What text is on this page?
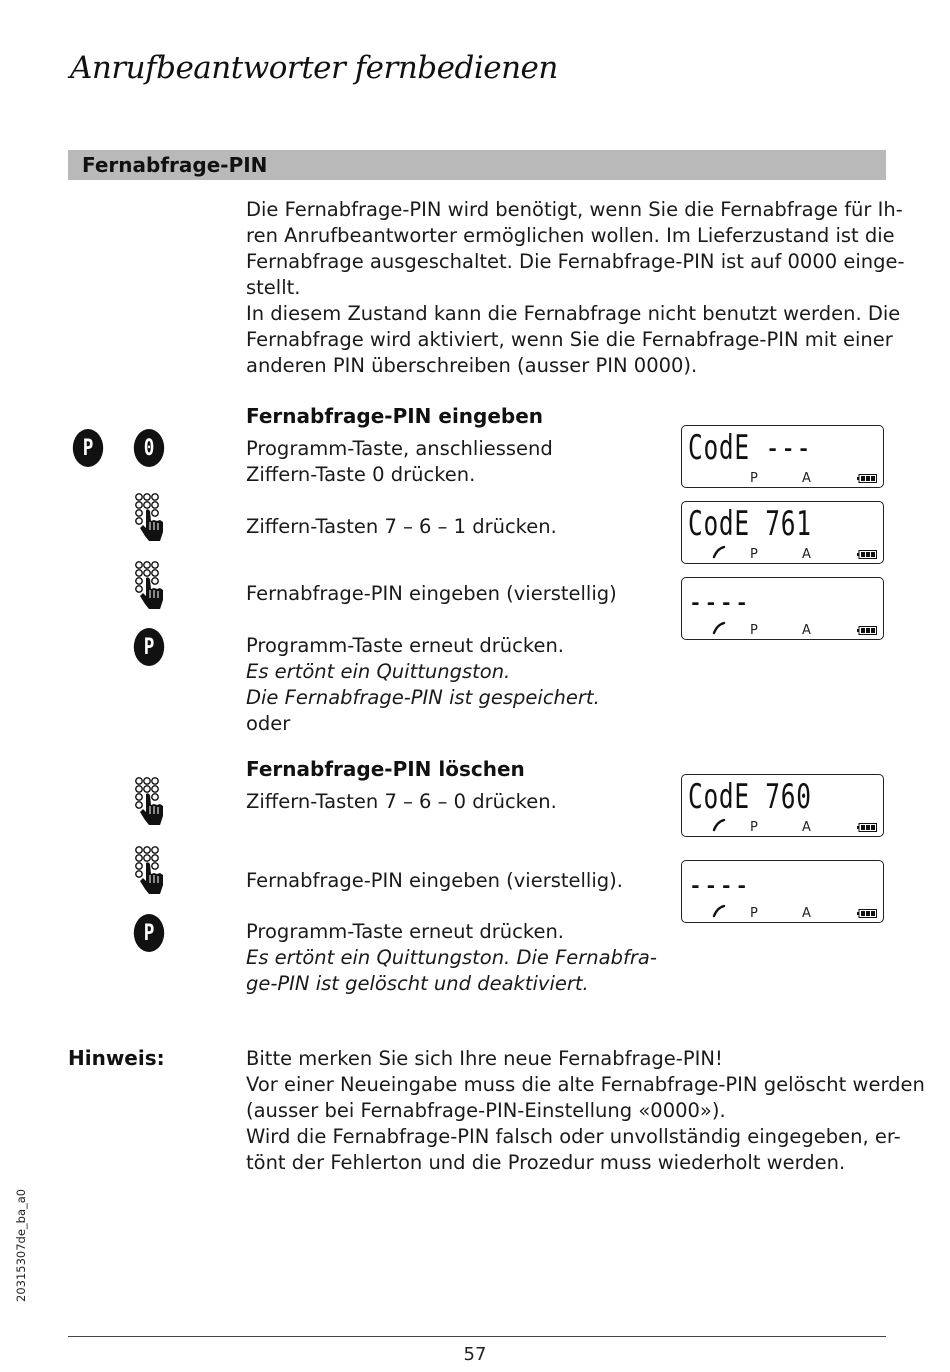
Anrufbeantworter fernbedienen
Fernabfrage-PIN
Die Fernabfrage-PIN wird benötigt, wenn Sie die Fernabfrage für Ih-
ren Anrufbeantworter ermöglichen wollen. Im Lieferzustand ist die
Fernabfrage ausgeschaltet. Die Fernabfrage-PIN ist auf 0000 einge-
stellt.
In diesem Zustand kann die Fernabfrage nicht benutzt werden. Die
Fernabfrage wird aktiviert, wenn Sie die Fernabfrage-PIN mit einer
anderen PIN überschreiben (ausser PIN 0000).
Fernabfrage-PIN eingeben
P	0	Programm-Taste, anschliessend
Ziffern-Taste 0 drücken.
Ziffern-Tasten 7 – 6 – 1 drücken.
Fernabfrage-PIN eingeben (vierstellig)
P	Programm-Taste erneut drücken.
Es ertönt ein Quittungston.
Die Fernabfrage-PIN ist gespeichert.
oder
CodE ---
P	A
CodE 761
P	A
----
P	A
Fernabfrage-PIN löschen
Ziffern-Tasten 7 – 6 – 0 drücken.
Fernabfrage-PIN eingeben (vierstellig).
P	Programm-Taste erneut drücken.
Es ertönt ein Quittungston. Die Fernabfra-
ge-PIN ist gelöscht und deaktiviert.
CodE 760
P	A
----
P	A
Hinweis:	Bitte merken Sie sich Ihre neue Fernabfrage-PIN!
Vor einer Neueingabe muss die alte Fernabfrage-PIN gelöscht werden
(ausser bei Fernabfrage-PIN-Einstellung «0000»).
Wird die Fernabfrage-PIN falsch oder unvollständig eingegeben, er-
tönt der Fehlerton und die Prozedur muss wiederholt werden.
20315307de_ba_a0
57
